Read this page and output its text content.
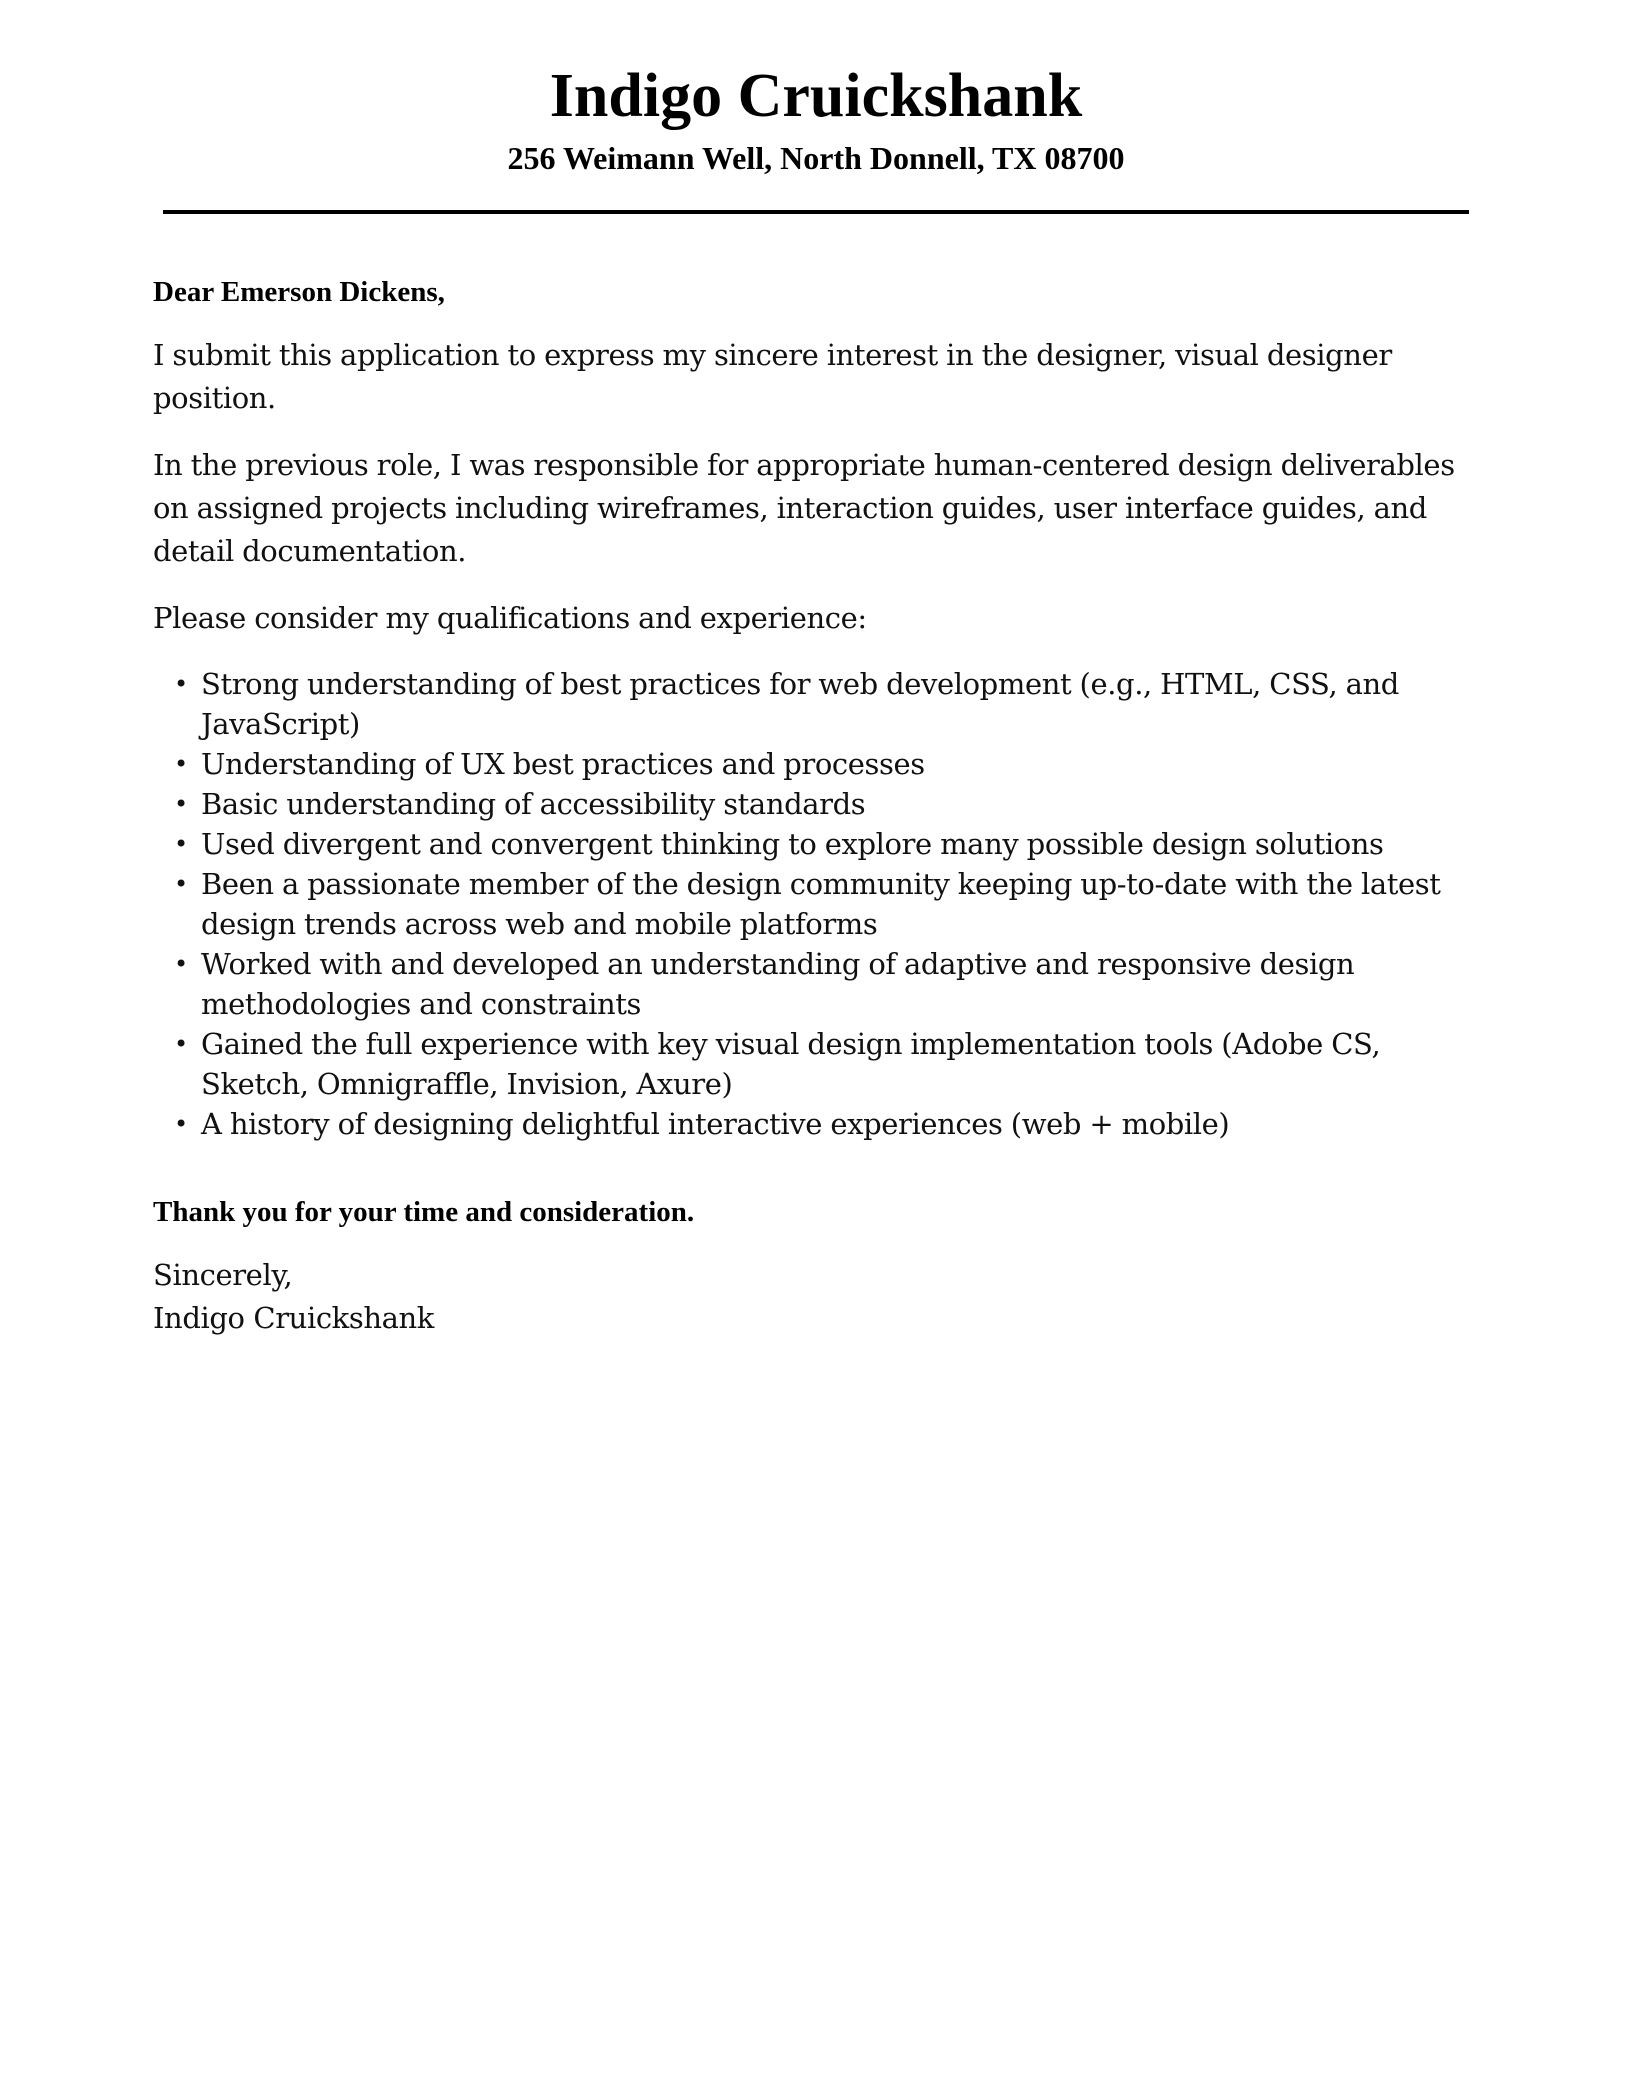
Indigo Cruickshank
256 Weimann Well, North Donnell, TX 08700

Dear Emerson Dickens,

I submit this application to express my sincere interest in the designer, visual designer position.

In the previous role, I was responsible for appropriate human-centered design deliverables on assigned projects including wireframes, interaction guides, user interface guides, and detail documentation.

Please consider my qualifications and experience:

• Strong understanding of best practices for web development (e.g., HTML, CSS, and JavaScript)
• Understanding of UX best practices and processes
• Basic understanding of accessibility standards
• Used divergent and convergent thinking to explore many possible design solutions
• Been a passionate member of the design community keeping up-to-date with the latest design trends across web and mobile platforms
• Worked with and developed an understanding of adaptive and responsive design methodologies and constraints
• Gained the full experience with key visual design implementation tools (Adobe CS, Sketch, Omnigraffle, Invision, Axure)
• A history of designing delightful interactive experiences (web + mobile)

Thank you for your time and consideration.

Sincerely,
Indigo Cruickshank
